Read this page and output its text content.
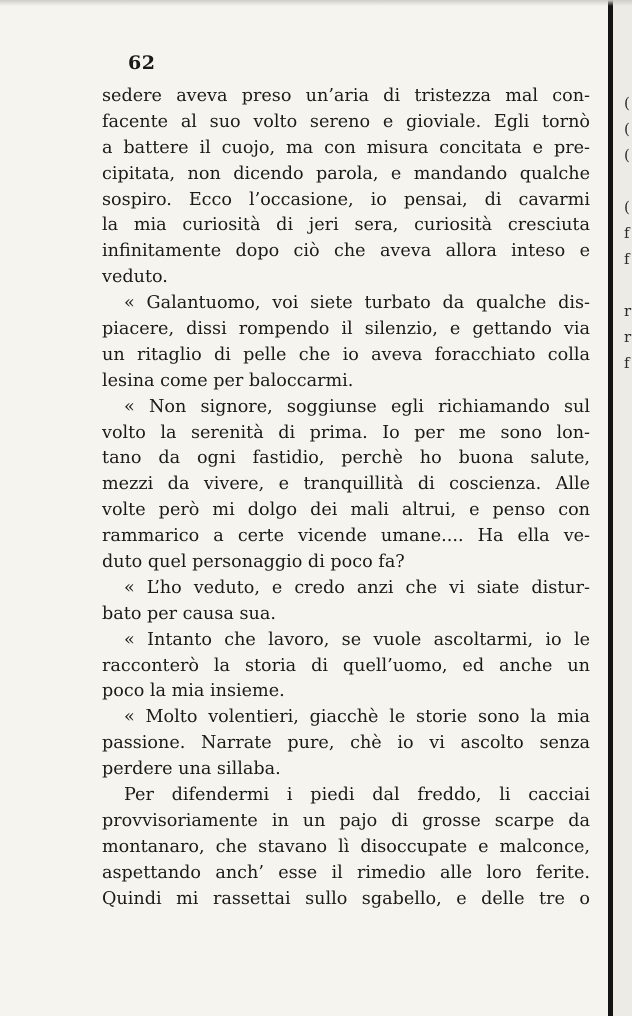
62
sedere aveva preso un’aria di tristezza mal con-
facente al suo volto sereno e gioviale. Egli tornò
a battere il cuojo, ma con misura concitata e pre-
cipitata, non dicendo parola, e mandando qualche
sospiro. Ecco l’occasione, io pensai, di cavarmi
la mia curiosità di jeri sera, curiosità cresciuta
infinitamente dopo ciò che aveva allora inteso e
veduto.
« Galantuomo, voi siete turbato da qualche dis-
piacere, dissi rompendo il silenzio, e gettando via
un ritaglio di pelle che io aveva foracchiato colla
lesina come per baloccarmi.
« Non signore, soggiunse egli richiamando sul
volto la serenità di prima. Io per me sono lon-
tano da ogni fastidio, perchè ho buona salute,
mezzi da vivere, e tranquillità di coscienza. Alle
volte però mi dolgo dei mali altrui, e penso con
rammarico a certe vicende umane.... Ha ella ve-
duto quel personaggio di poco fa?
« L’ho veduto, e credo anzi che vi siate distur-
bato per causa sua.
« Intanto che lavoro, se vuole ascoltarmi, io le
racconterò la storia di quell’uomo, ed anche un
poco la mia insieme.
« Molto volentieri, giacchè le storie sono la mia
passione. Narrate pure, chè io vi ascolto senza
perdere una sillaba.
Per difendermi i piedi dal freddo, li cacciai
provvisoriamente in un pajo di grosse scarpe da
montanaro, che stavano lì disoccupate e malconce,
aspettando anch’ esse il rimedio alle loro ferite.
Quindi mi rassettai sullo sgabello, e delle tre o
(
(
(
(
f
f
r
r
f
